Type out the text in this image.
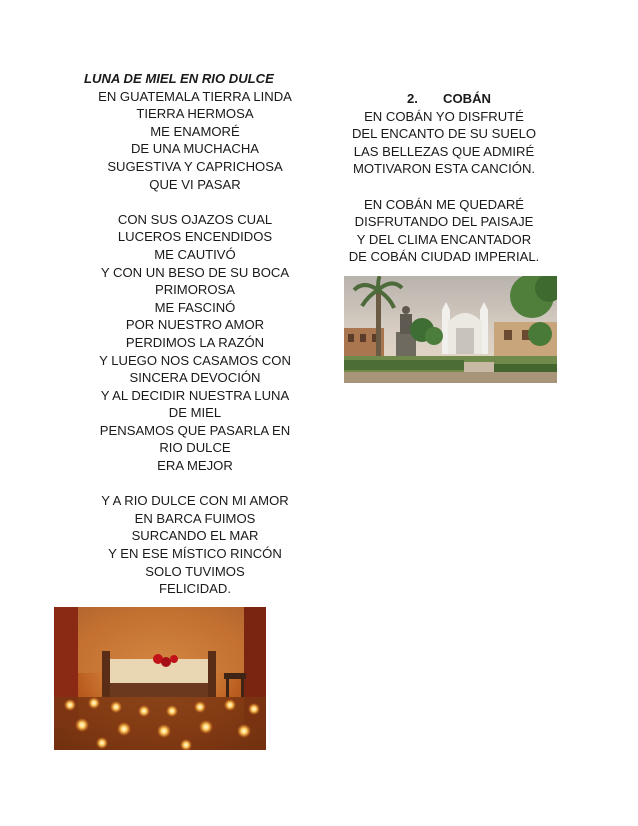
LUNA DE MIEL EN RIO DULCE
EN GUATEMALA TIERRA LINDA
TIERRA HERMOSA
ME ENAMORÉ
DE UNA MUCHACHA
SUGESTIVA Y CAPRICHOSA
QUE VI PASAR
CON SUS OJAZOS CUAL
LUCEROS ENCENDIDOS
ME CAUTIVÓ
Y CON UN BESO DE SU BOCA
PRIMOROSA
ME FASCINÓ
POR NUESTRO AMOR
PERDIMOS LA RAZÓN
Y LUEGO NOS CASAMOS CON
SINCERA DEVOCIÓN
Y AL DECIDIR NUESTRA LUNA
DE MIEL
PENSAMOS QUE PASARLA EN
RIO DULCE
ERA MEJOR
Y A RIO DULCE CON MI AMOR
EN BARCA FUIMOS
SURCANDO EL MAR
Y EN ESE MÍSTICO RINCÓN
SOLO TUVIMOS
FELICIDAD.
2. COBÁN
EN COBÁN YO DISFRUTÉ
DEL ENCANTO DE SU SUELO
LAS BELLEZAS QUE ADMIRÉ
MOTIVARON ESTA CANCIÓN.
EN COBÁN ME QUEDARÉ
DISFRUTANDO DEL PAISAJE
Y DEL CLIMA ENCANTADOR
DE COBÁN CIUDAD IMPERIAL.
